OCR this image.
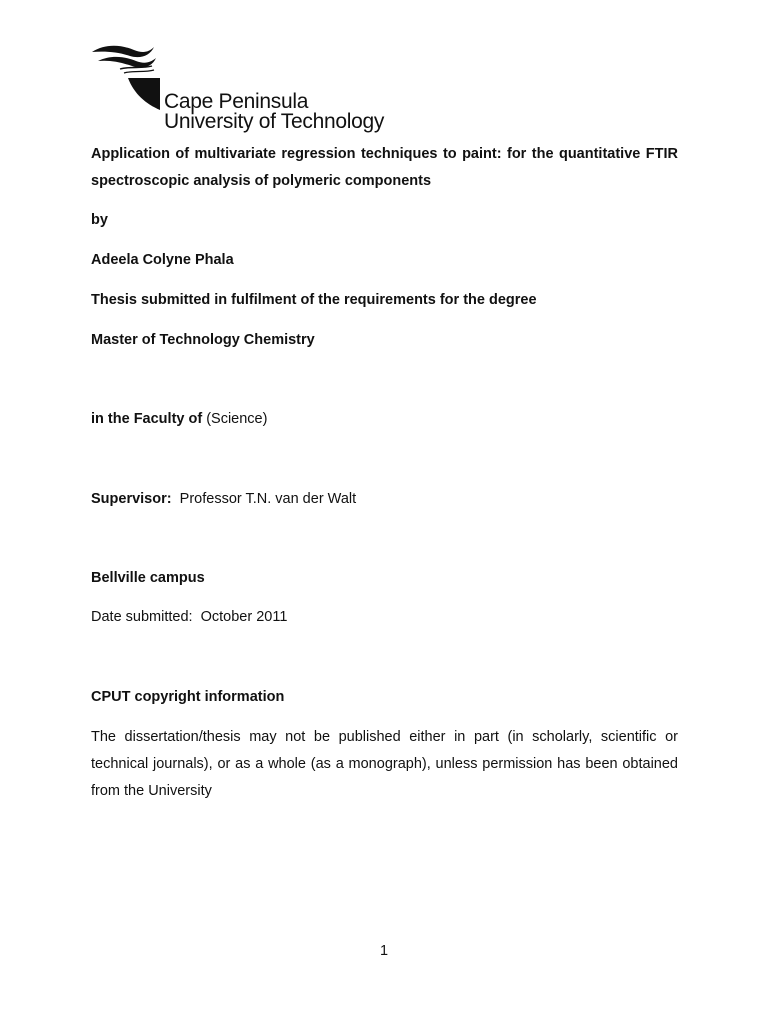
Cape Peninsula
University of Technology

Application of multivariate regression techniques to paint: for the quantitative FTIR spectroscopic analysis of polymeric components

by

Adeela Colyne Phala

Thesis submitted in fulfilment of the requirements for the degree

Master of Technology Chemistry

in the Faculty of (Science)

Supervisor: Professor T.N. van der Walt

Bellville campus

Date submitted: October 2011

CPUT copyright information

The dissertation/thesis may not be published either in part (in scholarly, scientific or technical journals), or as a whole (as a monograph), unless permission has been obtained from the University

1
